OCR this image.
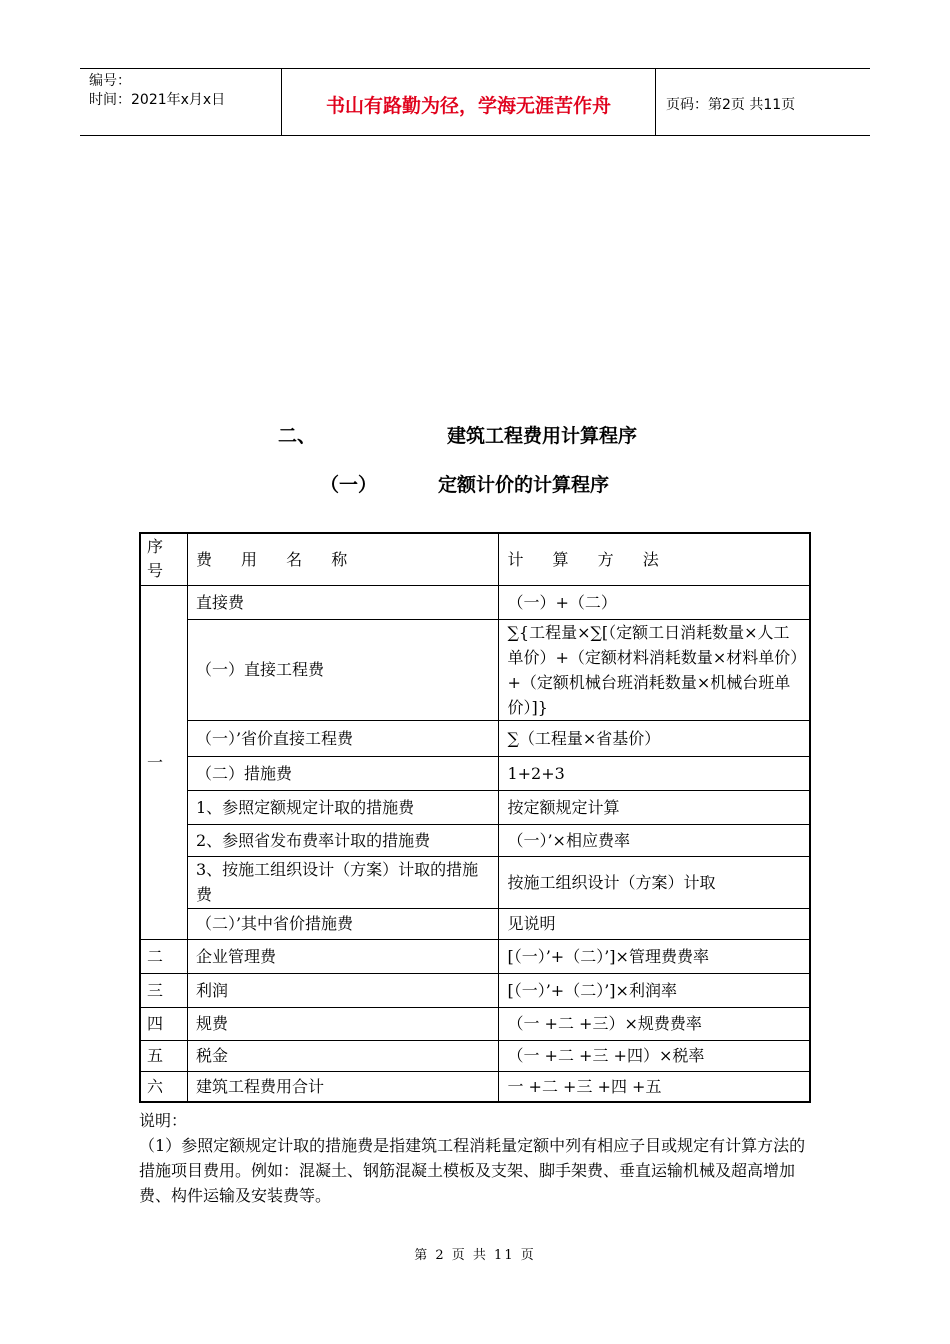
编号：
时间：2021年x月x日	书山有路勤为径，学海无涯苦作舟	页码：第2页 共11页
二、	建筑工程费用计算程序
（一）	定额计价的计算程序
序号	费 用 名 称	计 算 方 法
一	直接费	（一）+（二）
	（一）直接工程费	∑{工程量×∑[（定额工日消耗数量×人工单价）+（定额材料消耗数量×材料单价）+（定额机械台班消耗数量×机械台班单价）]}
	（一）’省价直接工程费	∑（工程量×省基价）
	（二）措施费	1+2+3
	1、参照定额规定计取的措施费	按定额规定计算
	2、参照省发布费率计取的措施费	（一）’×相应费率
	3、按施工组织设计（方案）计取的措施费	按施工组织设计（方案）计取
	（二）’其中省价措施费	见说明
二	企业管理费	[（一）’+（二）’]×管理费费率
三	利润	[（一）’+（二）’]×利润率
四	规费	（一 +二 +三）×规费费率
五	税金	（一 +二 +三 +四）×税率
六	建筑工程费用合计	一 +二 +三 +四 +五

说明：

（1）参照定额规定计取的措施费是指建筑工程消耗量定额中列有相应子目或规定有计算方法的措施项目费用。例如：混凝土、钢筋混凝土模板及支架、脚手架费、垂直运输机械及超高增加费、构件运输及安装费等。

第 2 页 共 11 页
